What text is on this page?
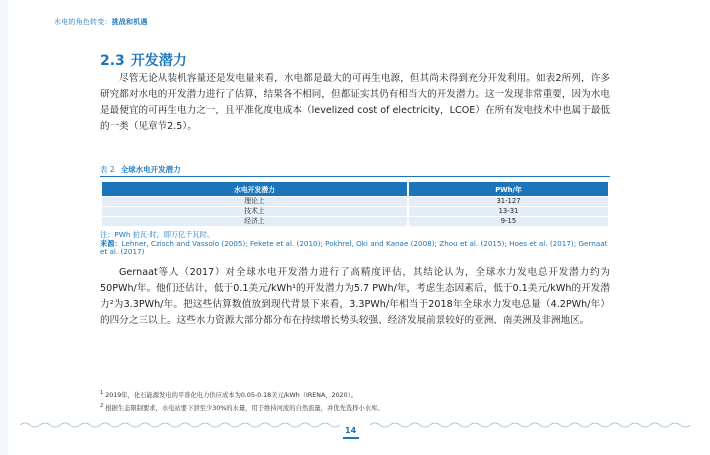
水电的角色转变：挑战和机遇
2.3 开发潜力

尽管无论从装机容量还是发电量来看，水电都是最大的可再生电源，但其尚未得到充分开发利用。如表2所列，许多研究都对水电的开发潜力进行了估算，结果各不相同，但都证实其仍有相当大的开发潜力。这一发现非常重要，因为水电是最便宜的可再生电力之一，且平准化度电成本（levelized cost of electricity，LCOE）在所有发电技术中也属于最低的一类（见章节2.5）。

表 2 全球水电开发潜力
水电开发潜力	PWh/年
理论上	31-127
技术上	13-31
经济上	9-15
注：PWh 拍瓦·时，即万亿千瓦时。
来源：Lehner, Czisch and Vassolo (2005); Fekete et al. (2010); Pokhrel, Oki and Kanae (2008); Zhou et al. (2015); Hoes et al. (2017); Gernaat et al. (2017)

Gernaat等人（2017）对全球水电开发潜力进行了高精度评估，其结论认为，全球水力发电总开发潜力约为50PWh/年。他们还估计，低于0.1美元/kWh¹的开发潜力为5.7 PWh/年，考虑生态因素后，低于0.1美元/kWh的开发潜力²为3.3PWh/年。把这些估算数值放到现代背景下来看，3.3PWh/年相当于2018年全球水力发电总量（4.2PWh/年）的四分之三以上。这些水力资源大部分都分布在持续增长势头较强、经济发展前景较好的亚洲、南美洲及非洲地区。

$^1$ 2019年，化石能源发电的平准化电力供应成本为0.05-0.18美元/kWh（IRENA，2020）。
$^2$ 根据生态限制要求，水电站要下泄至少30%的水量，用于维持河流的自然流量，并优先选择小水库。
14
